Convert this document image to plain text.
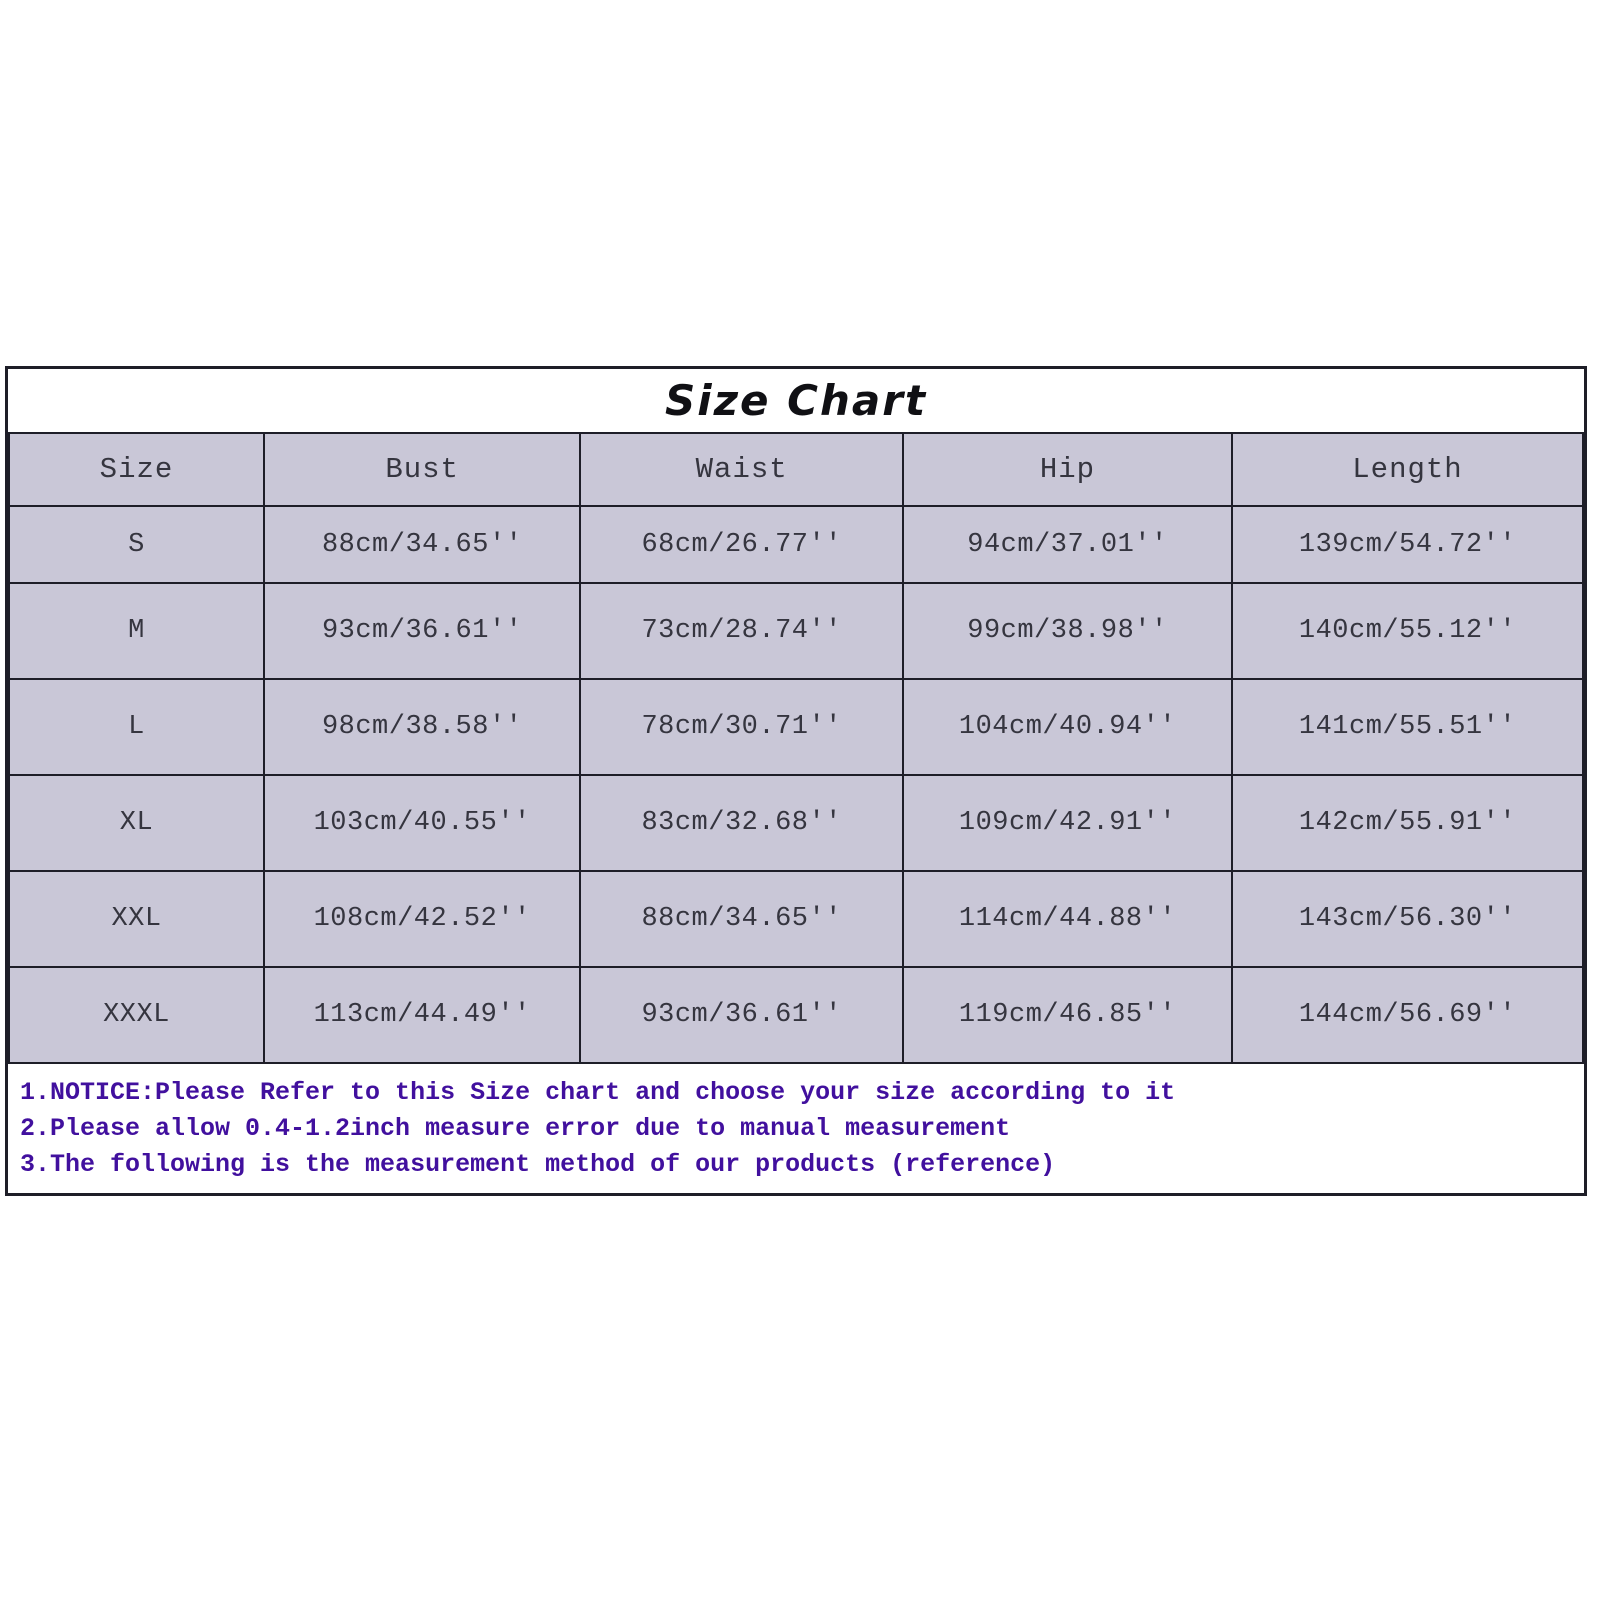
Size Chart
Size	Bust	Waist	Hip	Length
S	88cm/34.65''	68cm/26.77''	94cm/37.01''	139cm/54.72''
M	93cm/36.61''	73cm/28.74''	99cm/38.98''	140cm/55.12''
L	98cm/38.58''	78cm/30.71''	104cm/40.94''	141cm/55.51''
XL	103cm/40.55''	83cm/32.68''	109cm/42.91''	142cm/55.91''
XXL	108cm/42.52''	88cm/34.65''	114cm/44.88''	143cm/56.30''
XXXL	113cm/44.49''	93cm/36.61''	119cm/46.85''	144cm/56.69''
1.NOTICE:Please Refer to this Size chart and choose your size according to it
2.Please allow 0.4-1.2inch measure error due to manual measurement
3.The following is the measurement method of our products (reference)
